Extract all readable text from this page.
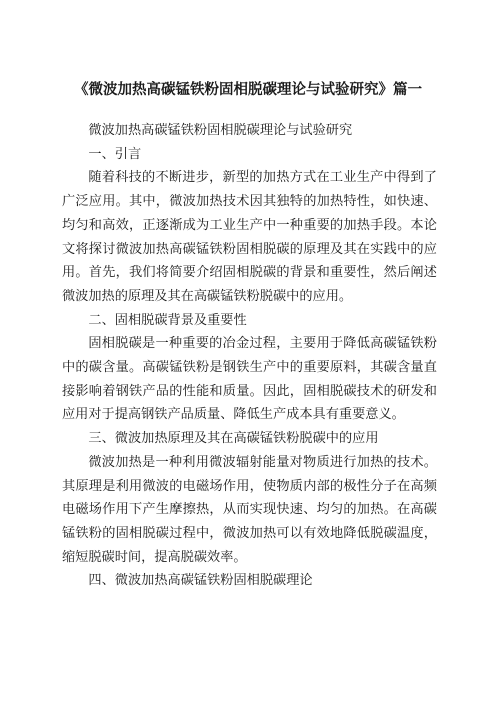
《微波加热高碳锰铁粉固相脱碳理论与试验研究》篇一

微波加热高碳锰铁粉固相脱碳理论与试验研究

一、引言

随着科技的不断进步，新型的加热方式在工业生产中得到了广泛应用。其中，微波加热技术因其独特的加热特性，如快速、均匀和高效，正逐渐成为工业生产中一种重要的加热手段。本论文将探讨微波加热高碳锰铁粉固相脱碳的原理及其在实践中的应用。首先，我们将简要介绍固相脱碳的背景和重要性，然后阐述微波加热的原理及其在高碳锰铁粉脱碳中的应用。

二、固相脱碳背景及重要性

固相脱碳是一种重要的冶金过程，主要用于降低高碳锰铁粉中的碳含量。高碳锰铁粉是钢铁生产中的重要原料，其碳含量直接影响着钢铁产品的性能和质量。因此，固相脱碳技术的研发和应用对于提高钢铁产品质量、降低生产成本具有重要意义。

三、微波加热原理及其在高碳锰铁粉脱碳中的应用

微波加热是一种利用微波辐射能量对物质进行加热的技术。其原理是利用微波的电磁场作用，使物质内部的极性分子在高频电磁场作用下产生摩擦热，从而实现快速、均匀的加热。在高碳锰铁粉的固相脱碳过程中，微波加热可以有效地降低脱碳温度，缩短脱碳时间，提高脱碳效率。

四、微波加热高碳锰铁粉固相脱碳理论
